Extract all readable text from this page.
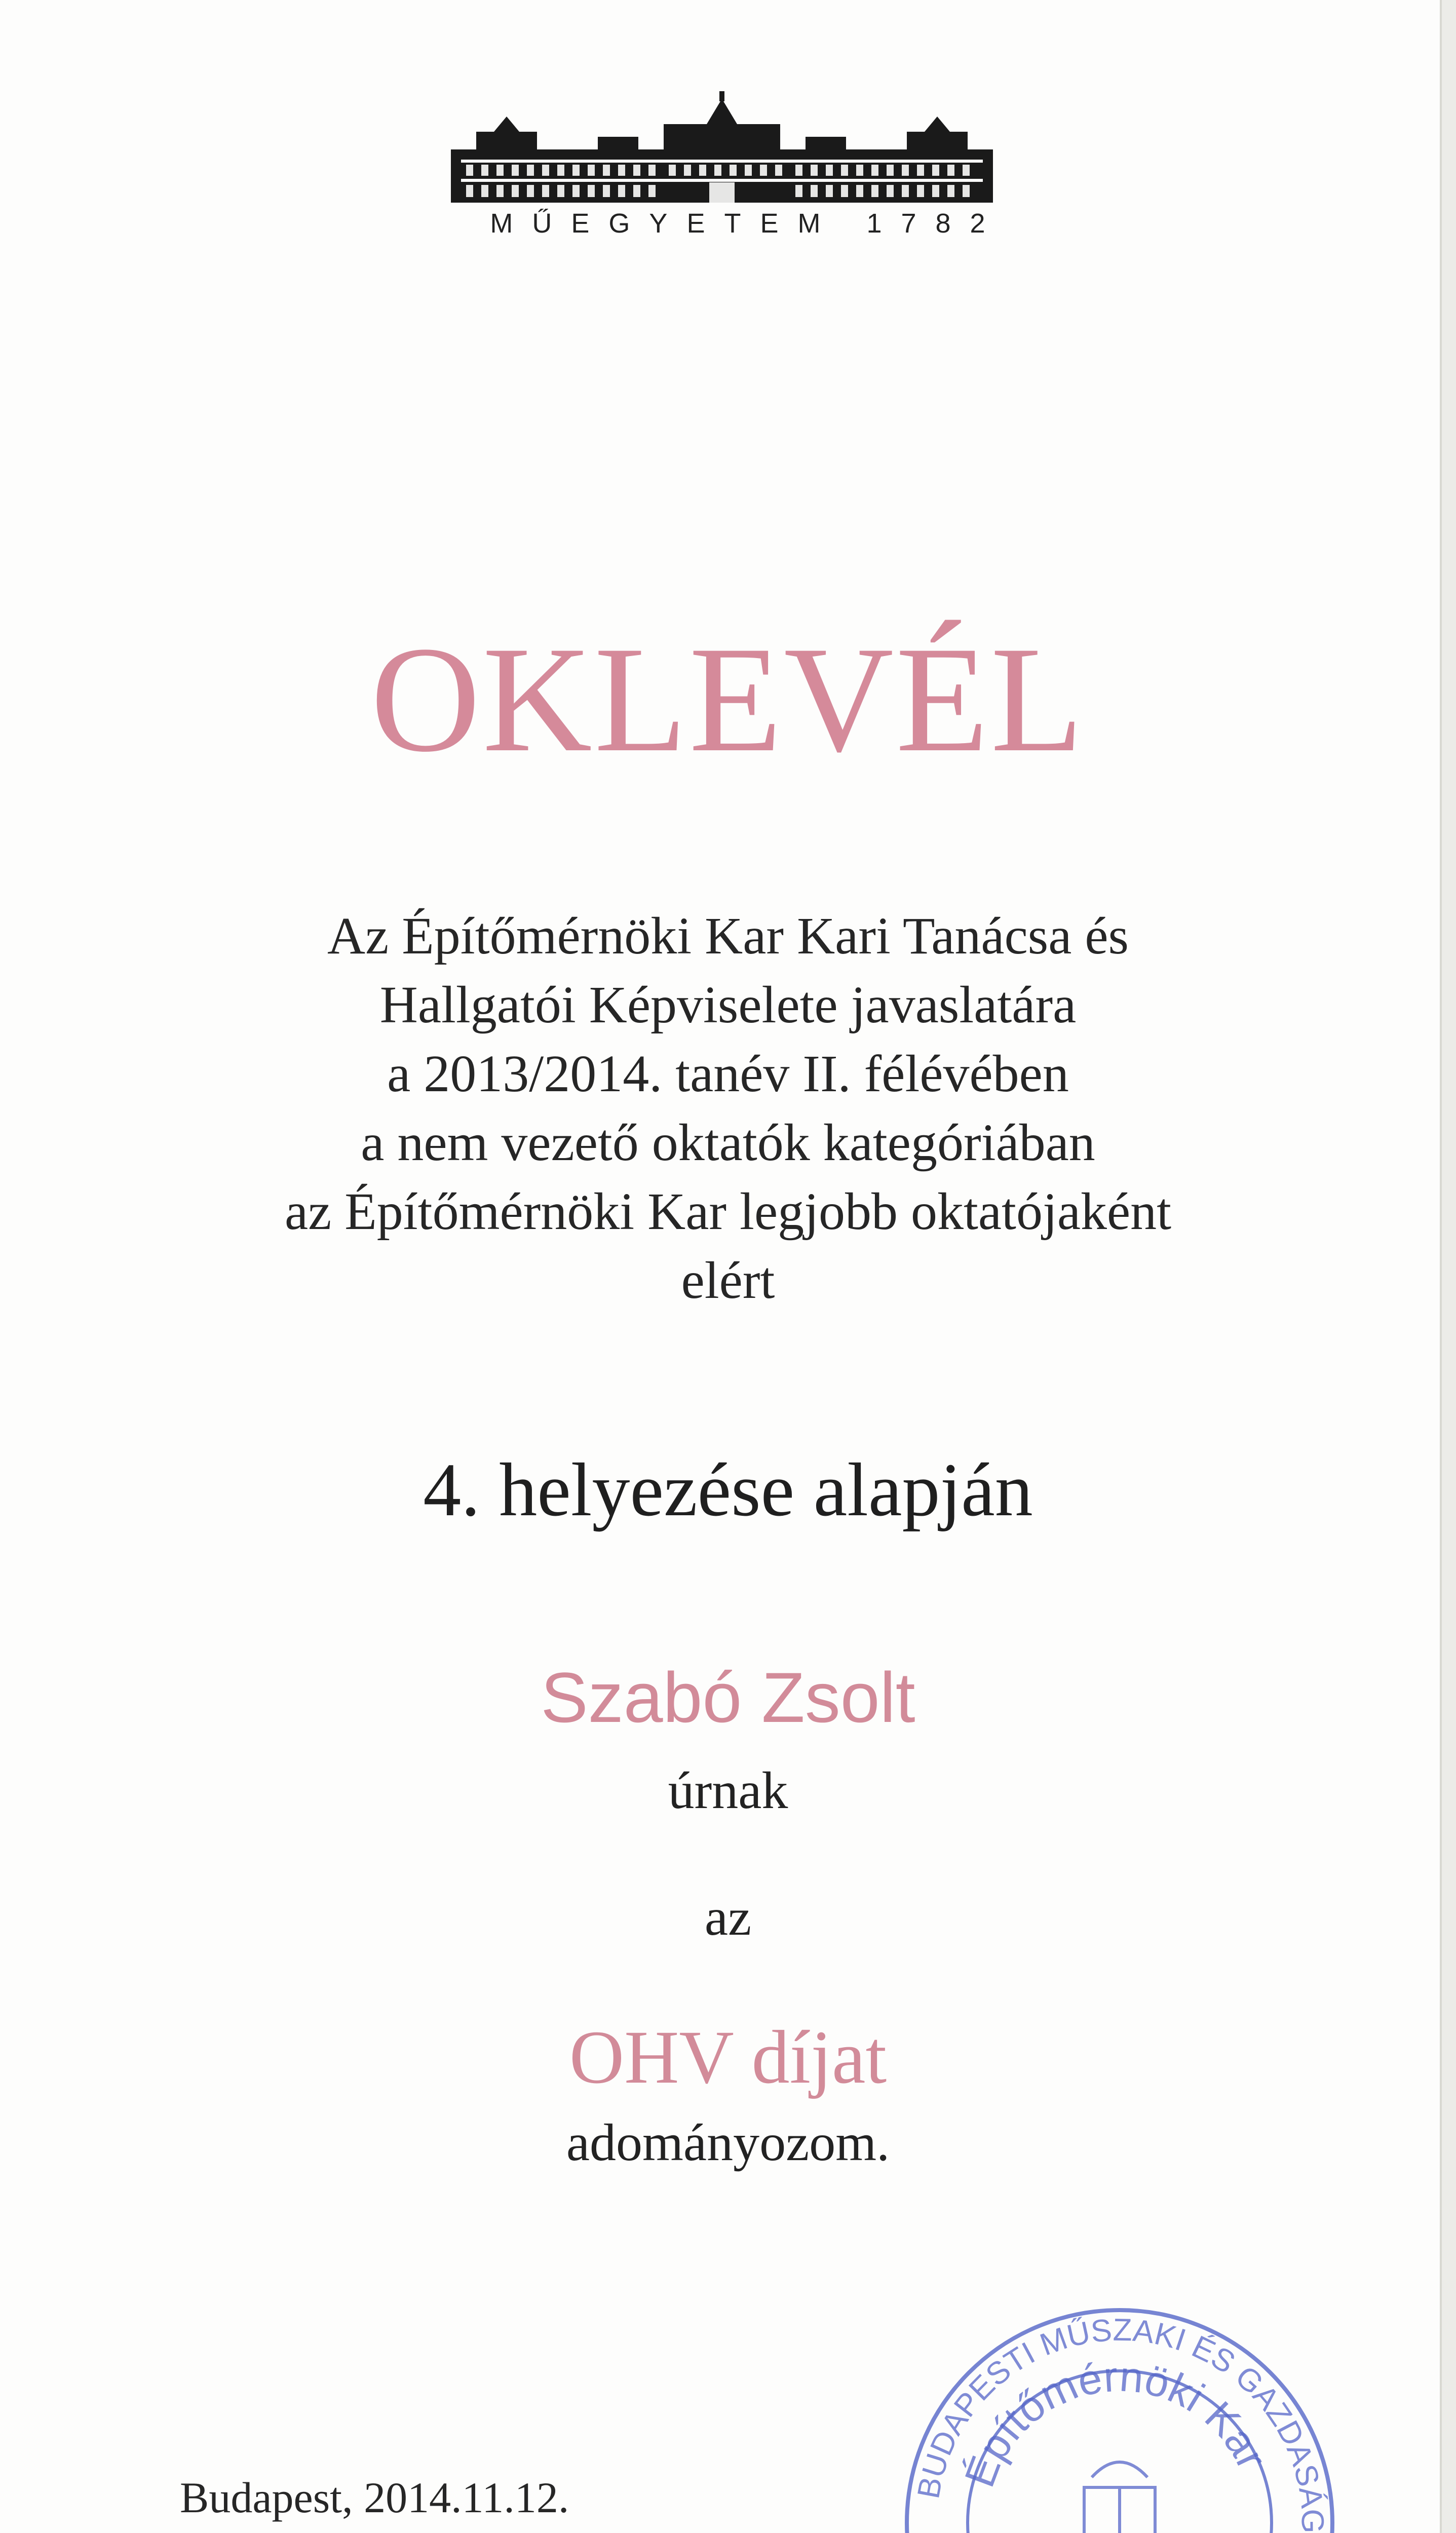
MŰEGYETEM 1782
OKLEVÉL
Az Építőmérnöki Kar Kari Tanácsa és
Hallgatói Képviselete javaslatára
a 2013/2014. tanév II. félévében
a nem vezető oktatók kategóriában
az Építőmérnöki Kar legjobb oktatójaként
elért
4. helyezése alapján
Szabó Zsolt
úrnak
az
OHV díjat
adományozom.
Budapest, 2014.11.12.	BUDAPESTI MŰSZAKI ÉS GAZDASÁG
Építőmérnöki Kar
